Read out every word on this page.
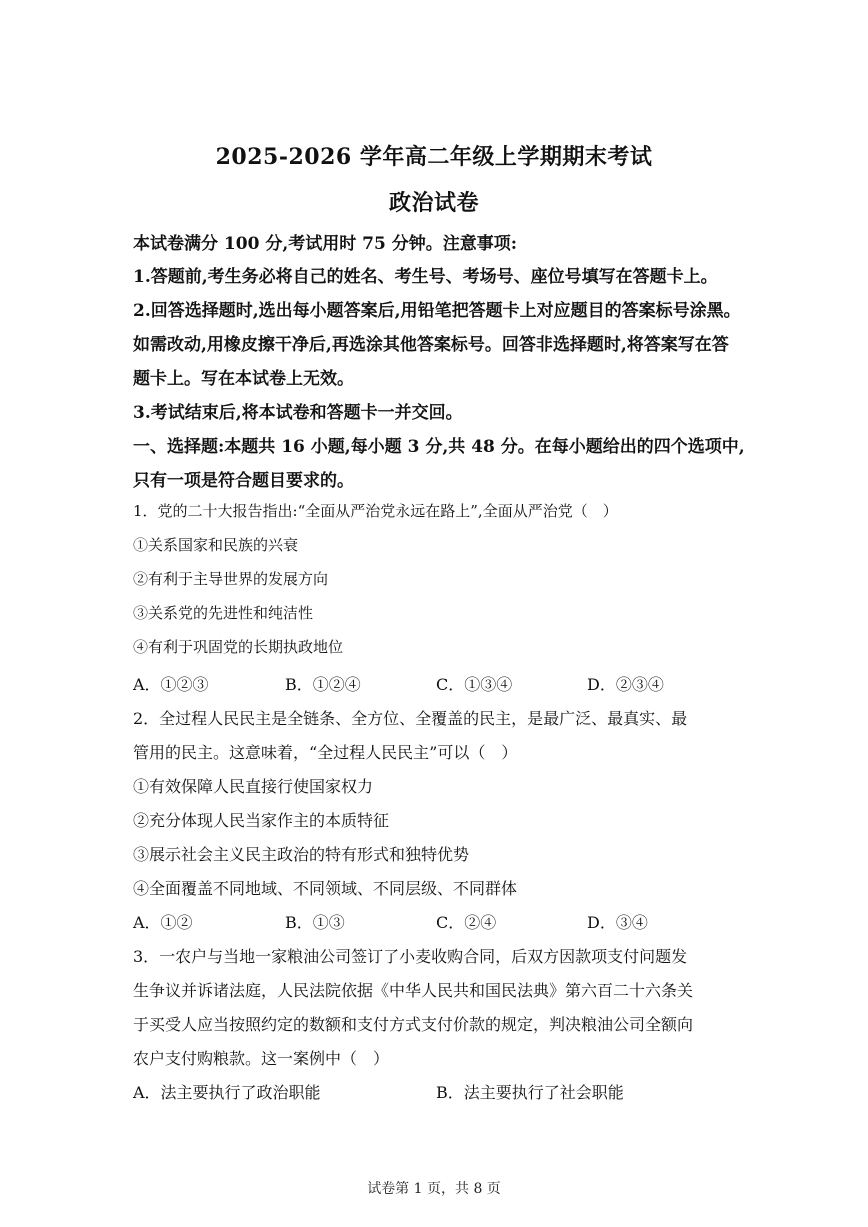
2025-2026 学年高二年级上学期期末考试
政治试卷
本试卷满分 100 分,考试用时 75 分钟。注意事项:
1.答题前,考生务必将自己的姓名、考生号、考场号、座位号填写在答题卡上。
2.回答选择题时,选出每小题答案后,用铅笔把答题卡上对应题目的答案标号涂黑。
如需改动,用橡皮擦干净后,再选涂其他答案标号。回答非选择题时,将答案写在答
题卡上。写在本试卷上无效。
3.考试结束后,将本试卷和答题卡一并交回。
一、选择题:本题共 16 小题,每小题 3 分,共 48 分。在每小题给出的四个选项中,
只有一项是符合题目要求的。
1．党的二十大报告指出:“全面从严治党永远在路上”,全面从严治党（　）
①关系国家和民族的兴衰
②有利于主导世界的发展方向
③关系党的先进性和纯洁性
④有利于巩固党的长期执政地位
A．①②③	B．①②④	C．①③④	D．②③④
2．全过程人民民主是全链条、全方位、全覆盖的民主，是最广泛、最真实、最
管用的民主。这意味着，“全过程人民民主”可以（　）
①有效保障人民直接行使国家权力
②充分体现人民当家作主的本质特征
③展示社会主义民主政治的特有形式和独特优势
④全面覆盖不同地域、不同领域、不同层级、不同群体
A．①②	B．①③	C．②④	D．③④
3．一农户与当地一家粮油公司签订了小麦收购合同，后双方因款项支付问题发
生争议并诉诸法庭，人民法院依据《中华人民共和国民法典》第六百二十六条关
于买受人应当按照约定的数额和支付方式支付价款的规定，判决粮油公司全额向
农户支付购粮款。这一案例中（　）
A．法主要执行了政治职能	B．法主要执行了社会职能
试卷第 1 页，共 8 页
